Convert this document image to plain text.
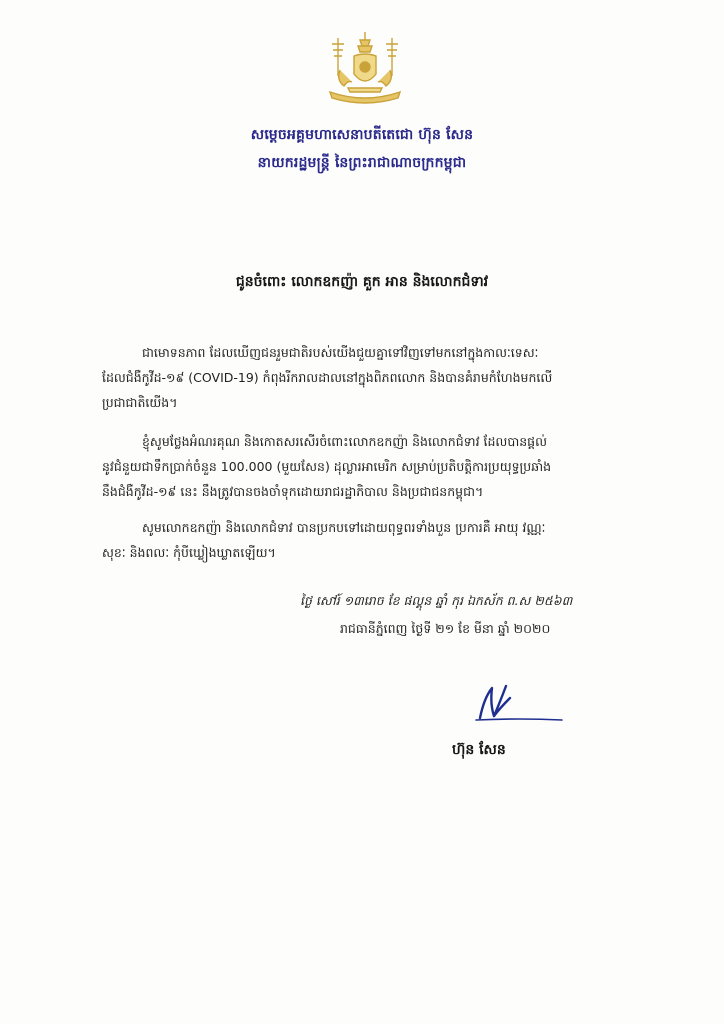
សម្ដេចអគ្គមហាសេនាបតីតេជោ ហ៊ុន សែន
នាយករដ្ឋមន្ត្រី នៃព្រះរាជាណាចក្រកម្ពុជា
ជូនចំពោះ លោកឧកញ៉ា គួក អាន និងលោកជំទាវ
ជាមោទនភាព ដែលឃើញជនរួមជាតិរបស់យើងជួយគ្នាទៅវិញទៅមកនៅក្នុងកាលៈទេសៈ
ដែលជំងឺកូវីដ-១៩ (COVID-19) កំពុងរីករាលដាលនៅក្នុងពិភពលោក និងបានគំរាមកំហែងមកលើ
ប្រជាជាតិយើង។
ខ្ញុំសូមថ្លែងអំណរគុណ និងកោតសរសើរចំពោះលោកឧកញ៉ា និងលោកជំទាវ ដែលបានផ្ដល់
នូវជំនួយជាទឹកប្រាក់ចំនួន 100.000 (មួយសែន) ដុល្លារអាមេរិក សម្រាប់ប្រតិបត្តិការប្រយុទ្ធប្រឆាំង
នឹងជំងឺកូវីដ-១៩ នេះ នឹងត្រូវបានចងចាំទុកដោយរាជរដ្ឋាភិបាល និងប្រជាជនកម្ពុជា។
សូមលោកឧកញ៉ា និងលោកជំទាវ បានប្រកបទៅដោយពុទ្ធពរទាំងបួន ប្រការគឺ អាយុ វណ្ណៈ
សុខៈ និងពលៈ កុំបីឃ្លៀងឃ្លាតឡើយ។
ថ្ងៃ សៅរ៍ ១៣រោច ខែ ផល្គុន ឆ្នាំ កុរ ឯកស័ក ព.ស ២៥៦៣
រាជធានីភ្នំពេញ ថ្ងៃទី ២១ ខែ មីនា ឆ្នាំ ២០២០
ហ៊ុន សែន
